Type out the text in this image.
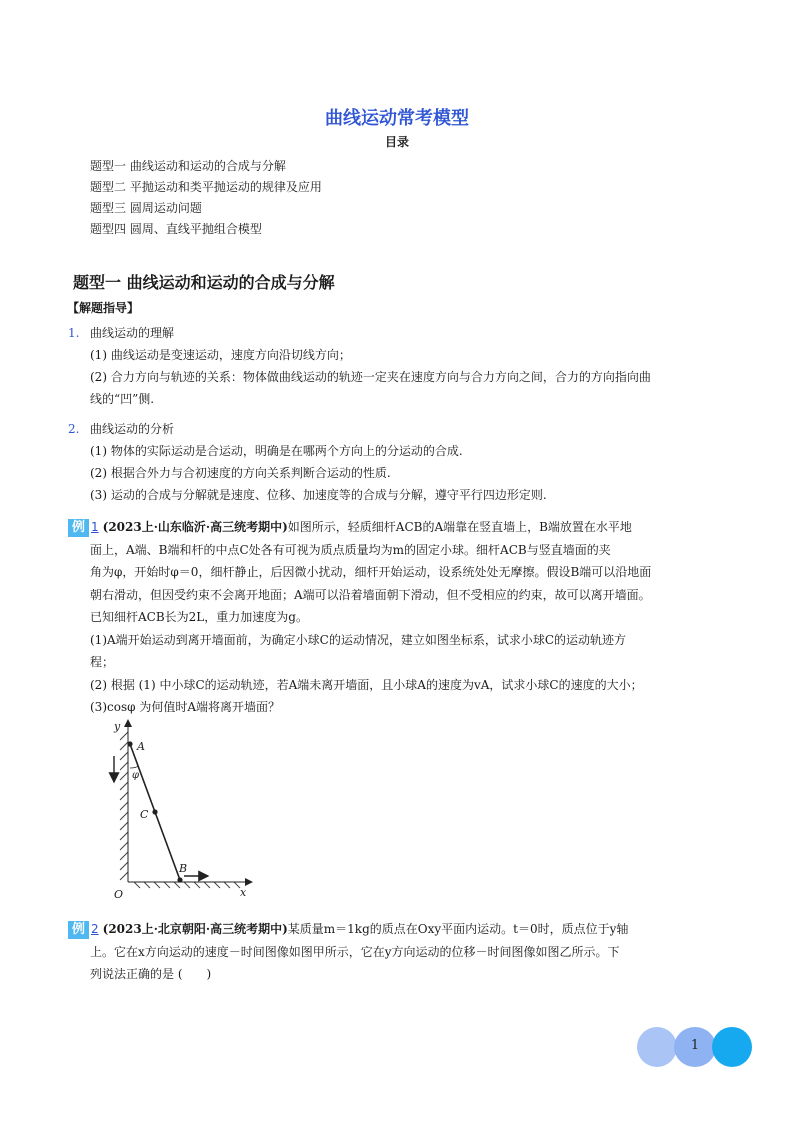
曲线运动常考模型
目录
题型一 曲线运动和运动的合成与分解
题型二 平抛运动和类平抛运动的规律及应用
题型三 圆周运动问题
题型四 圆周、直线平抛组合模型
题型一 曲线运动和运动的合成与分解
【解题指导】
1. 曲线运动的理解
(1) 曲线运动是变速运动，速度方向沿切线方向；
(2) 合力方向与轨迹的关系：物体做曲线运动的轨迹一定夹在速度方向与合力方向之间，合力的方向指向曲
线的“凹”侧.
2. 曲线运动的分析
(1) 物体的实际运动是合运动，明确是在哪两个方向上的分运动的合成.
(2) 根据合外力与合初速度的方向关系判断合运动的性质.
(3) 运动的合成与分解就是速度、位移、加速度等的合成与分解，遵守平行四边形定则.
例 1 (2023上·山东临沂·高三统考期中)如图所示，轻质细杆ACB的A端靠在竖直墙上，B端放置在水平地
面上，A端、B端和杆的中点C处各有可视为质点质量均为m的固定小球。细杆ACB与竖直墙面的夹
角为φ，开始时φ＝0，细杆静止，后因微小扰动，细杆开始运动，设系统处处无摩擦。假设B端可以沿地面
朝右滑动，但因受约束不会离开地面；A端可以沿着墙面朝下滑动，但不受相应的约束，故可以离开墙面。
已知细杆ACB长为2L，重力加速度为g。
(1)A端开始运动到离开墙面前，为确定小球C的运动情况，建立如图坐标系，试求小球C的运动轨迹方
程；
(2) 根据 (1) 中小球C的运动轨迹，若A端未离开墙面，且小球A的速度为vA，试求小球C的速度的大小；
(3)cosφ 为何值时A端将离开墙面？
y
A
φ
C
B
O	x
例 2 (2023上·北京朝阳·高三统考期中)某质量m＝1kg的质点在Oxy平面内运动。t＝0时，质点位于y轴
上。它在x方向运动的速度－时间图像如图甲所示，它在y方向运动的位移－时间图像如图乙所示。下
列说法正确的是 (　　)
1
